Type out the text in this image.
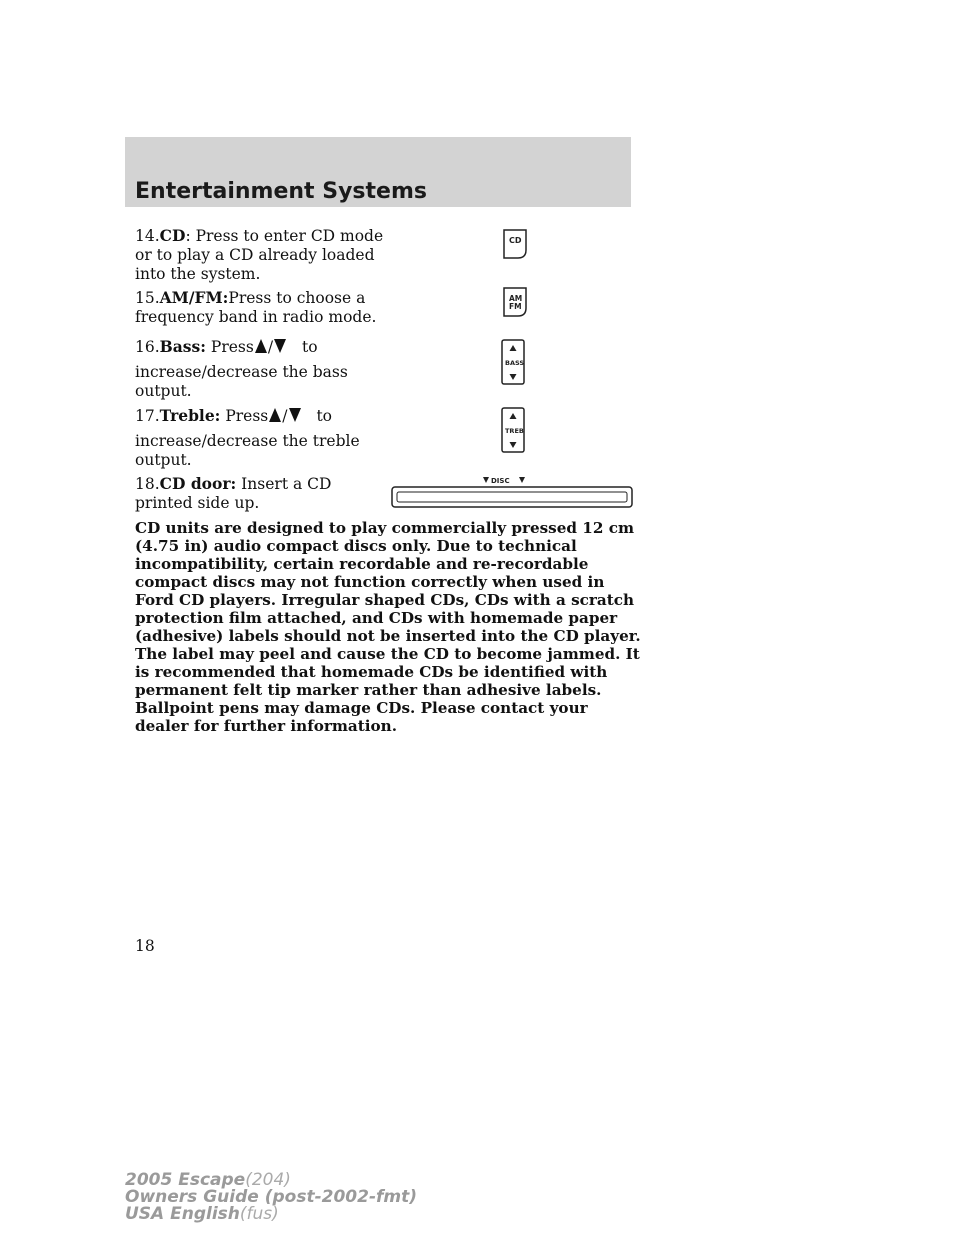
Entertainment Systems
14.CD: Press to enter CD mode or to play a CD already loaded into the system.
CD
15.AM/FM:Press to choose a frequency band in radio mode.
AM
FM
16.Bass: Press / to

increase/decrease the bass output.
BASS
17.Treble: Press / to

increase/decrease the treble output.
TREB
18.CD door: Insert a CD printed side up.
DISC

CD units are designed to play commercially pressed 12 cm (4.75 in) audio compact discs only. Due to technical incompatibility, certain recordable and re-recordable compact discs may not function correctly when used in Ford CD players. Irregular shaped CDs, CDs with a scratch protection film attached, and CDs with homemade paper (adhesive) labels should not be inserted into the CD player. The label may peel and cause the CD to become jammed. It is recommended that homemade CDs be identified with permanent felt tip marker rather than adhesive labels. Ballpoint pens may damage CDs. Please contact your dealer for further information.

18

2005 Escape(204)
Owners Guide (post-2002-fmt)
USA English(fus)
